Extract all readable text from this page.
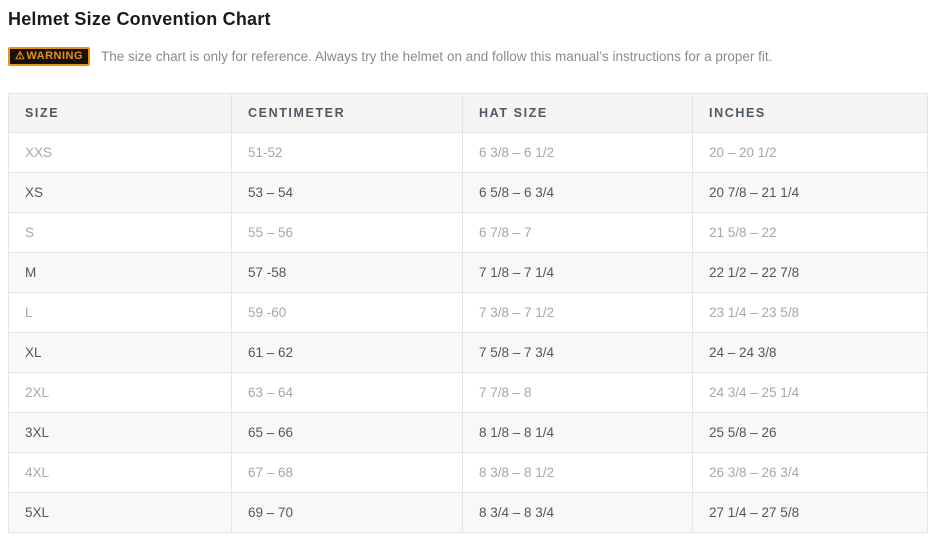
Helmet Size Convention Chart
⚠ WARNING The size chart is only for reference. Always try the helmet on and follow this manual’s instructions for a proper fit.
SIZE	CENTIMETER	HAT SIZE	INCHES
XXS	51-52	6 3/8 – 6 1/2	20 – 20 1/2
XS	53 – 54	6 5/8 – 6 3/4	20 7/8 – 21 1/4
S	55 – 56	6 7/8 – 7	21 5/8 – 22
M	57 -58	7 1/8 – 7 1/4	22 1/2 – 22 7/8
L	59 -60	7 3/8 – 7 1/2	23 1/4 – 23 5/8
XL	61 – 62	7 5/8 – 7 3/4	24 – 24 3/8
2XL	63 – 64	7 7/8 – 8	24 3/4 – 25 1/4
3XL	65 – 66	8 1/8 – 8 1/4	25 5/8 – 26
4XL	67 – 68	8 3/8 – 8 1/2	26 3/8 – 26 3/4
5XL	69 – 70	8 3/4 – 8 3/4	27 1/4 – 27 5/8
